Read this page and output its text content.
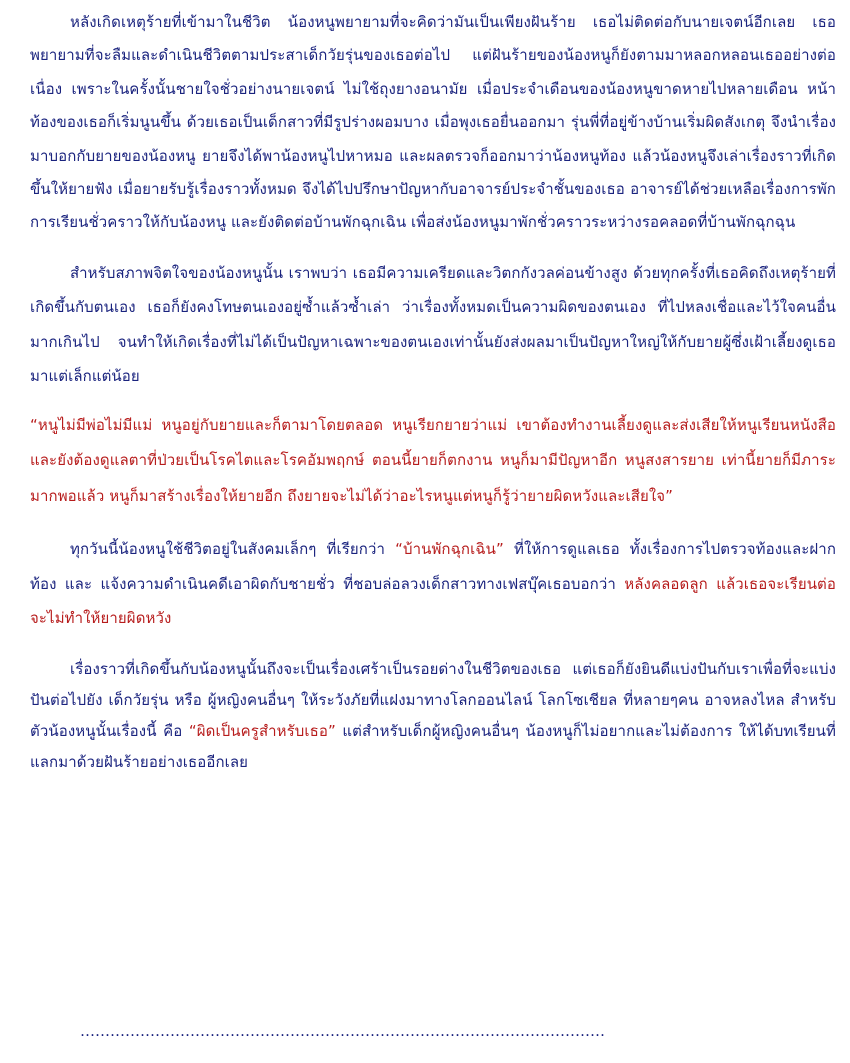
หลังเกิดเหตุร้ายที่เข้ามาในชีวิต น้องหนูพยายามที่จะคิดว่ามันเป็นเพียงฝันร้าย เธอไม่ติดต่อกับนายเจตน์อีกเลย เธอพยายามที่จะลืมและดำเนินชีวิตตามประสาเด็กวัยรุ่นของเธอต่อไป แต่ฝันร้ายของน้องหนูก็ยังตามมาหลอกหลอนเธออย่างต่อเนื่อง เพราะในครั้งนั้นชายใจชั่วอย่างนายเจตน์ ไม่ใช้ถุงยางอนามัย เมื่อประจำเดือนของน้องหนูขาดหายไปหลายเดือน หน้าท้องของเธอก็เริ่มนูนขึ้น ด้วยเธอเป็นเด็กสาวที่มีรูปร่างผอมบาง เมื่อพุงเธอยื่นออกมา รุ่นพี่ที่อยู่ข้างบ้านเริ่มผิดสังเกตุ จึงนำเรื่องมาบอกกับยายของน้องหนู ยายจึงได้พาน้องหนูไปหาหมอ และผลตรวจก็ออกมาว่าน้องหนูท้อง แล้วน้องหนูจึงเล่าเรื่องราวที่เกิดขึ้นให้ยายฟัง เมื่อยายรับรู้เรื่องราวทั้งหมด จึงได้ไปปรึกษาปัญหากับอาจารย์ประจำชั้นของเธอ อาจารย์ได้ช่วยเหลือเรื่องการพักการเรียนชั่วคราวให้กับน้องหนู และยังติดต่อบ้านพักฉุกเฉิน เพื่อส่งน้องหนูมาพักชั่วคราวระหว่างรอคลอดที่บ้านพักฉุกฉุน

สำหรับสภาพจิตใจของน้องหนูนั้น เราพบว่า เธอมีความเครียดและวิตกกังวลค่อนข้างสูง ด้วยทุกครั้งที่เธอคิดถึงเหตุร้ายที่เกิดขึ้นกับตนเอง เธอก็ยังคงโทษตนเองอยู่ซ้ำแล้วซ้ำเล่า ว่าเรื่องทั้งหมดเป็นความผิดของตนเอง ที่ไปหลงเชื่อและไว้ใจคนอื่นมากเกินไป จนทำให้เกิดเรื่องที่ไม่ได้เป็นปัญหาเฉพาะของตนเองเท่านั้นยังส่งผลมาเป็นปัญหาใหญ่ให้กับยายผู้ซึ่งเฝ้าเลี้ยงดูเธอมาแต่เล็กแต่น้อย

“หนูไม่มีพ่อไม่มีแม่ หนูอยู่กับยายและก็ตามาโดยตลอด หนูเรียกยายว่าแม่ เขาต้องทำงานเลี้ยงดูและส่งเสียให้หนูเรียนหนังสือ และยังต้องดูแลตาที่ป่วยเป็นโรคไตและโรคอัมพฤกษ์ ตอนนี้ยายก็ตกงาน หนูก็มามีปัญหาอีก หนูสงสารยาย เท่านี้ยายก็มีภาระมากพอแล้ว หนูก็มาสร้างเรื่องให้ยายอีก ถึงยายจะไม่ได้ว่าอะไรหนูแต่หนูก็รู้ว่ายายผิดหวังและเสียใจ”

ทุกวันนี้น้องหนูใช้ชีวิตอยู่ในสังคมเล็กๆ ที่เรียกว่า “บ้านพักฉุกเฉิน” ที่ให้การดูแลเธอ ทั้งเรื่องการไปตรวจท้องและฝากท้อง และ แจ้งความดำเนินคดีเอาผิดกับชายชั่ว ที่ชอบล่อลวงเด็กสาวทางเฟสบุ๊คเธอบอกว่า หลังคลอดลูก แล้วเธอจะเรียนต่อ จะไม่ทำให้ยายผิดหวัง

เรื่องราวที่เกิดขึ้นกับน้องหนูนั้นถึงจะเป็นเรื่องเศร้าเป็นรอยด่างในชีวิตของเธอ แต่เธอก็ยังยินดีแบ่งปันกับเราเพื่อที่จะแบ่งปันต่อไปยัง เด็กวัยรุ่น หรือ ผู้หญิงคนอื่นๆ ให้ระวังภัยที่แฝงมาทางโลกออนไลน์ โลกโซเชียล ที่หลายๆคน อาจหลงไหล สำหรับตัวน้องหนูนั้นเรื่องนี้ คือ “ผิดเป็นครูสำหรับเธอ” แต่สำหรับเด็กผู้หญิงคนอื่นๆ น้องหนูก็ไม่อยากและไม่ต้องการ ให้ได้บทเรียนที่แลกมาด้วยฝันร้ายอย่างเธออีกเลย

……………………………………………………………………………………………
